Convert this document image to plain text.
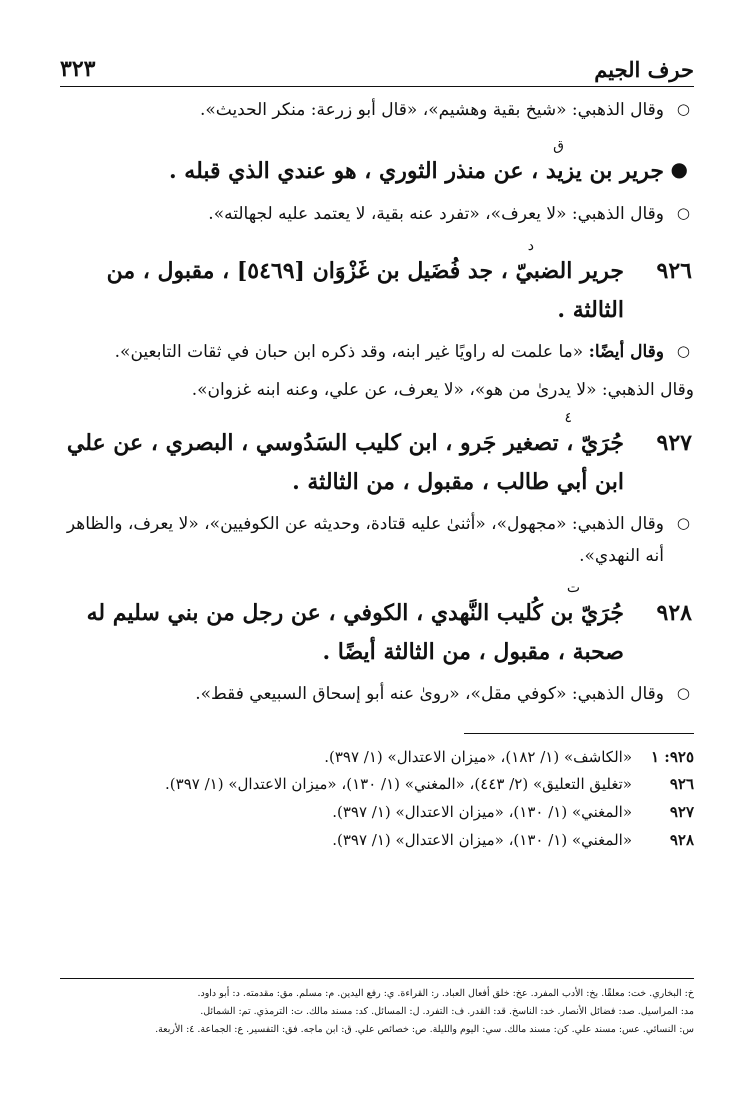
حرف الجيم
٣٢٣
○
وقال الذهبي: «شيخ بقية وهشيم»، «قال أبو زرعة: منكر الحديث».
●
ق
جرير بن يزيد ، عن منذر الثوري ، هو عندي الذي قبله .
○
وقال الذهبي: «لا يعرف»، «تفرد عنه بقية، لا يعتمد عليه لجهالته».
٩٢٦
د
جرير الضبيّ ، جد فُضَيل بن غَزْوَان [٥٤٦٩] ، مقبول ، من الثالثة .
○
وقال أيضًا: «ما علمت له راويًا غير ابنه، وقد ذكره ابن حبان في ثقات التابعين».
وقال الذهبي: «لا يدرىٰ من هو»، «لا يعرف، عن علي، وعنه ابنه غزوان».
٩٢٧
٤
جُرَيّ ، تصغير جَرو ، ابن كليب السَدُوسي ، البصري ، عن علي ابن أبي طالب ، مقبول ، من الثالثة .
○
وقال الذهبي: «مجهول»، «أثنىٰ عليه قتادة، وحديثه عن الكوفيين»، «لا يعرف، والظاهر أنه النهدي».
٩٢٨
ت
جُرَيّ بن كُليب النَّهدي ، الكوفي ، عن رجل من بني سليم له صحبة ، مقبول ، من الثالثة أيضًا .
○
وقال الذهبي: «كوفي مقل»، «روىٰ عنه أبو إسحاق السبيعي فقط».
٩٢٥: ١
«الكاشف» (١/ ١٨٢)، «ميزان الاعتدال» (١/ ٣٩٧).
٩٢٦
«تغليق التعليق» (٢/ ٤٤٣)، «المغني» (١/ ١٣٠)، «ميزان الاعتدال» (١/ ٣٩٧).
٩٢٧
«المغني» (١/ ١٣٠)، «ميزان الاعتدال» (١/ ٣٩٧).
٩٢٨
«المغني» (١/ ١٣٠)، «ميزان الاعتدال» (١/ ٣٩٧).
خ: البخاري. خت: معلقًا. بخ: الأدب المفرد. عخ: خلق أفعال العباد. ر: القراءة. ي: رفع اليدين. م: مسلم. مق: مقدمته. د: أبو داود.
مد: المراسيل. صد: فضائل الأنصار. خد: الناسخ. قد: القدر. ف: التفرد. ل: المسائل. كد: مسند مالك. ت: الترمذي. تم: الشمائل.
س: النسائي. عس: مسند علي. كن: مسند مالك. سي: اليوم والليلة. ص: خصائص علي. ق: ابن ماجه. فق: التفسير. ع: الجماعة. ٤: الأربعة.
